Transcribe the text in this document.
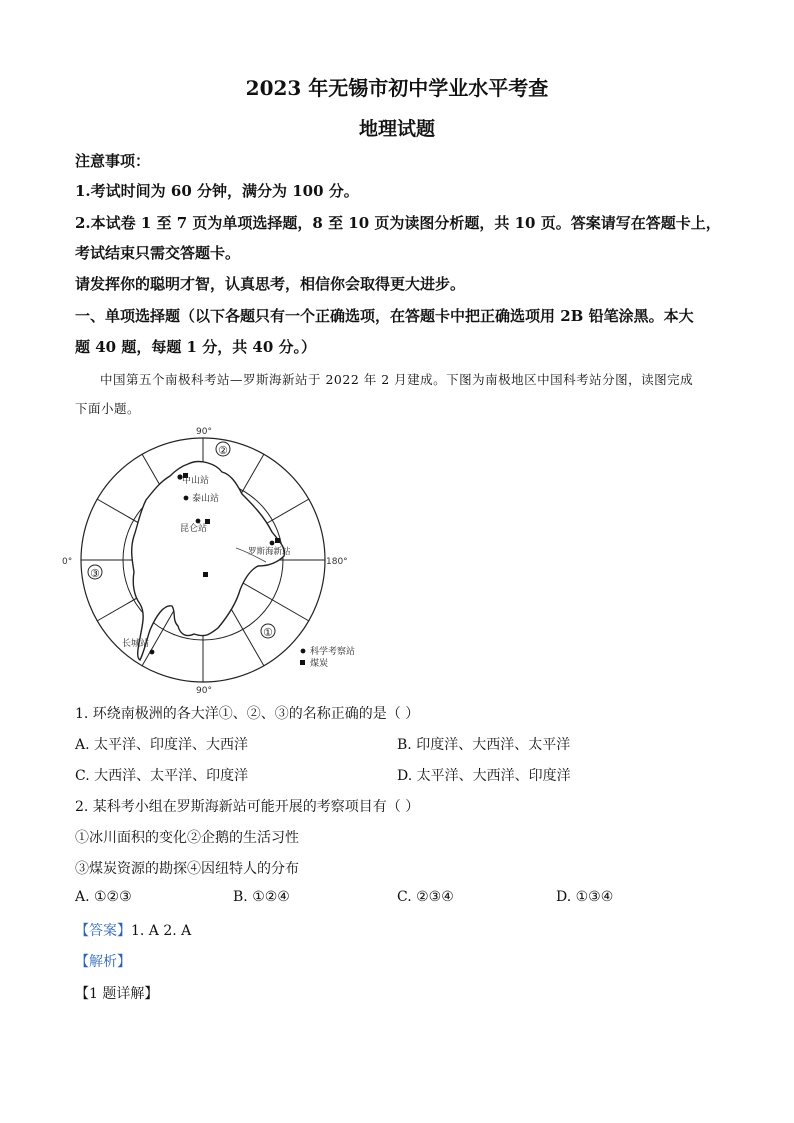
2023 年无锡市初中学业水平考查
地理试题
注意事项：
1.考试时间为 60 分钟，满分为 100 分。
2.本试卷 1 至 7 页为单项选择题，8 至 10 页为读图分析题，共 10 页。答案请写在答题卡上，
考试结束只需交答题卡。
请发挥你的聪明才智，认真思考，相信你会取得更大进步。
一、单项选择题（以下各题只有一个正确选项，在答题卡中把正确选项用 2B 铅笔涂黑。本大
题 40 题，每题 1 分，共 40 分。）
中国第五个南极科考站—罗斯海新站于 2022 年 2 月建成。下图为南极地区中国科考站分图，读图完成
下面小题。
②
③
①
90°
90°
0°	180°
中山站
泰山站
昆仑站
罗斯海新站
长城站
科学考察站
煤炭
1. 环绕南极洲的各大洋①、②、③的名称正确的是（ ）
A. 太平洋、印度洋、大西洋	B. 印度洋、大西洋、太平洋
C. 大西洋、太平洋、印度洋	D. 太平洋、大西洋、印度洋
2. 某科考小组在罗斯海新站可能开展的考察项目有（ ）
①冰川面积的变化②企鹅的生活习性
③煤炭资源的勘探④因纽特人的分布
A. ①②③	B. ①②④	C. ②③④	D. ①③④
【答案】1. A 2. A
【解析】
【1 题详解】
